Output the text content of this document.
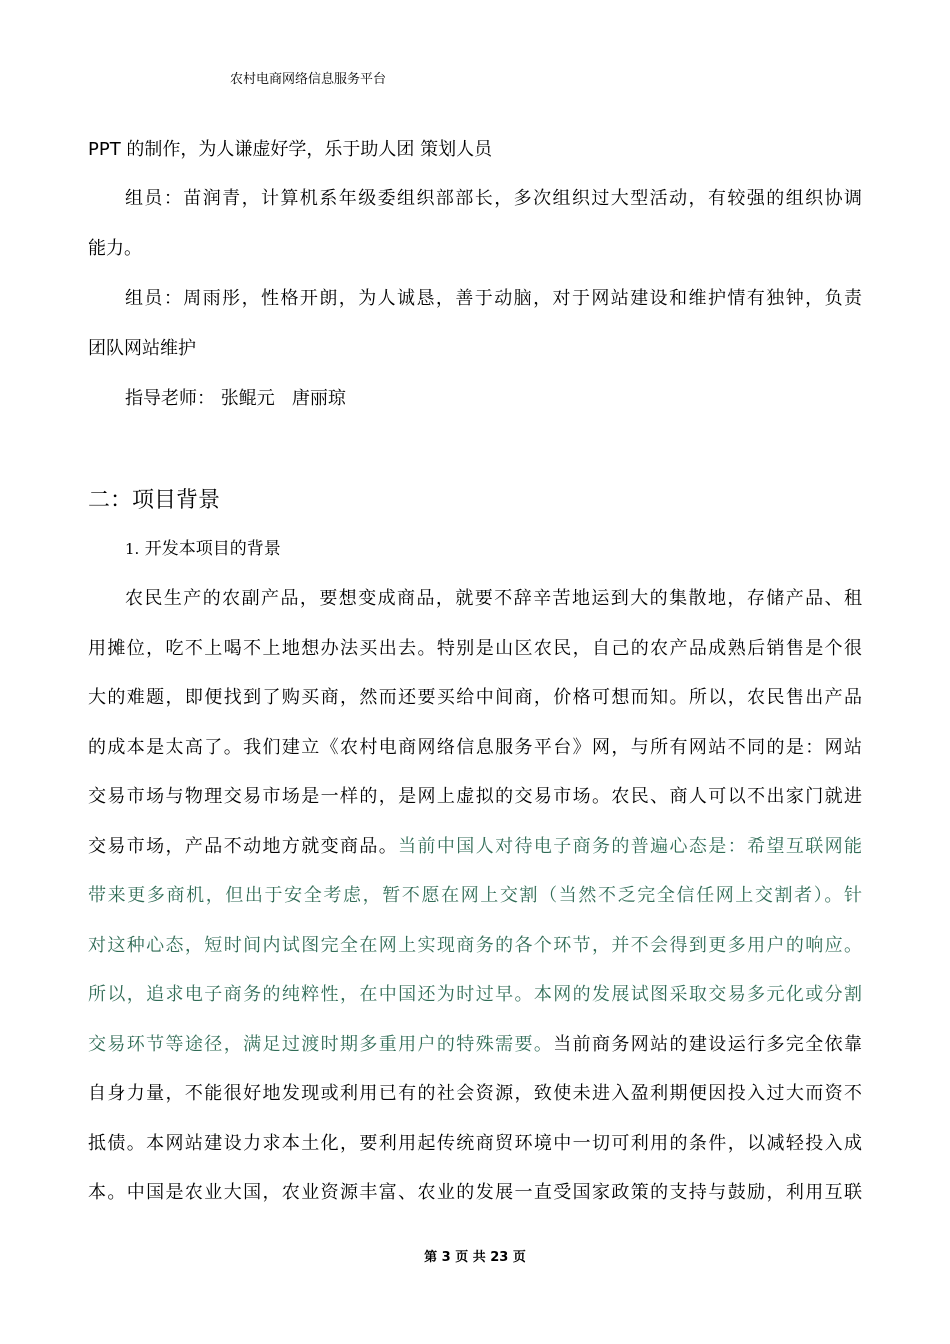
农村电商网络信息服务平台
PPT 的制作，为人谦虚好学，乐于助人团 策划人员
组员：苗润青，计算机系年级委组织部部长，多次组织过大型活动，有较强的组织协调
能力。
组员：周雨彤，性格开朗，为人诚恳，善于动脑，对于网站建设和维护情有独钟，负责
团队网站维护
指导老师： 张鲲元   唐丽琼
二：项目背景
1. 开发本项目的背景
农民生产的农副产品，要想变成商品，就要不辞辛苦地运到大的集散地，存储产品、租
用摊位，吃不上喝不上地想办法买出去。特别是山区农民，自己的农产品成熟后销售是个很
大的难题，即便找到了购买商，然而还要买给中间商，价格可想而知。所以，农民售出产品
的成本是太高了。我们建立《农村电商网络信息服务平台》网，与所有网站不同的是：网站
交易市场与物理交易市场是一样的，是网上虚拟的交易市场。农民、商人可以不出家门就进
交易市场，产品不动地方就变商品。当前中国人对待电子商务的普遍心态是：希望互联网能
带来更多商机，但出于安全考虑，暂不愿在网上交割（当然不乏完全信任网上交割者）。针
对这种心态，短时间内试图完全在网上实现商务的各个环节，并不会得到更多用户的响应。
所以，追求电子商务的纯粹性，在中国还为时过早。本网的发展试图采取交易多元化或分割
交易环节等途径，满足过渡时期多重用户的特殊需要。当前商务网站的建设运行多完全依靠
自身力量，不能很好地发现或利用已有的社会资源，致使未进入盈利期便因投入过大而资不
抵债。本网站建设力求本土化，要利用起传统商贸环境中一切可利用的条件，以减轻投入成
本。中国是农业大国，农业资源丰富、农业的发展一直受国家政策的支持与鼓励，利用互联
第 3 页 共 23 页
